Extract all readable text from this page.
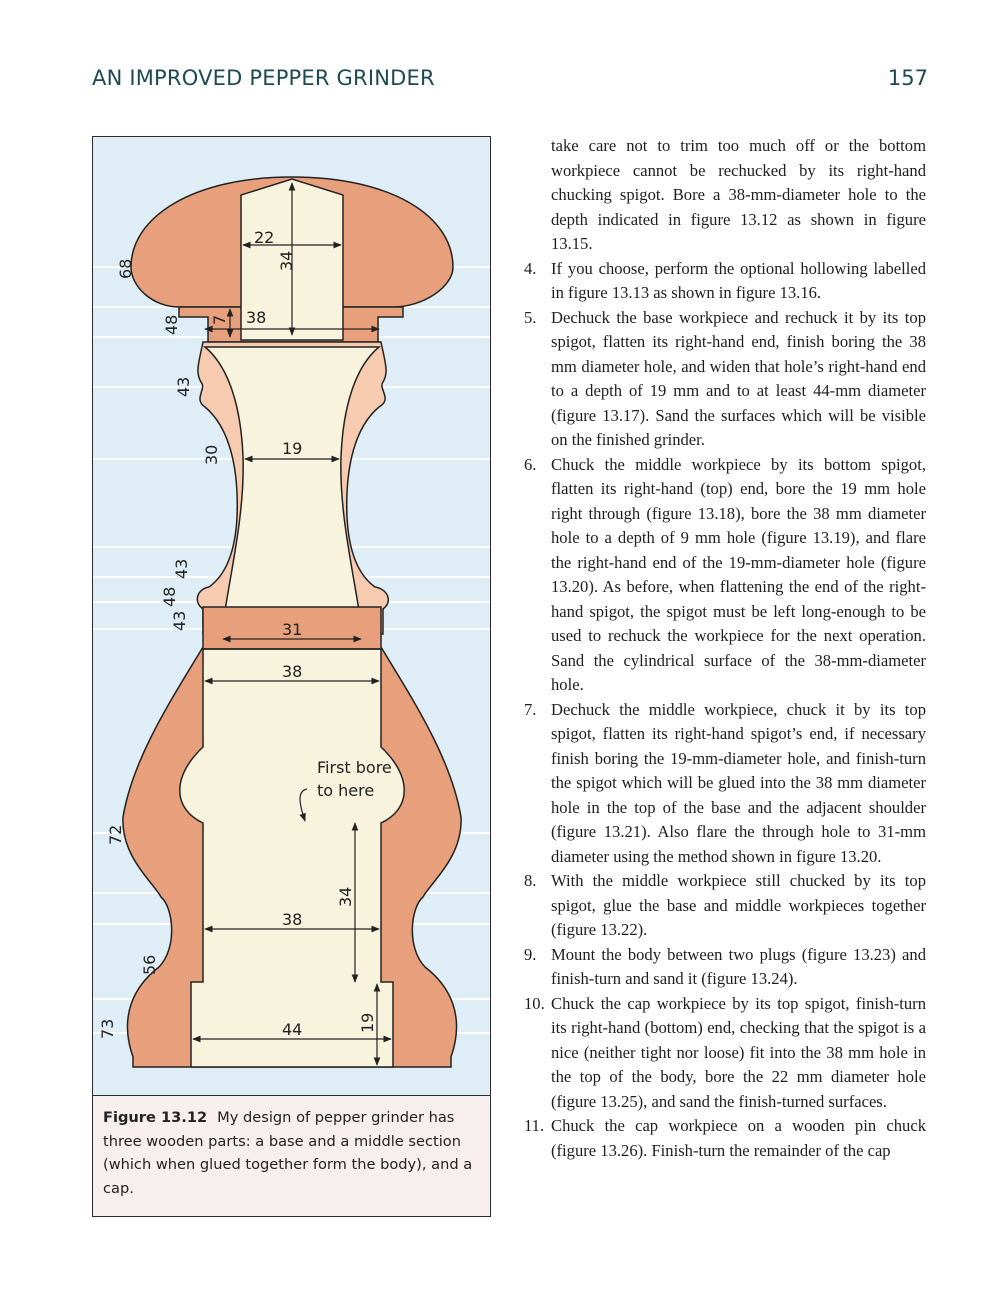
AN IMPROVED PEPPER GRINDER	157
22
34
7 38
19
31
38
38
34
44	19
68
48
43
30
43
48
43
72
56
73
First bore
to here
Figure 13.12 My design of pepper grinder has three wooden parts: a base and a middle section (which when glued together form the body), and a cap.
take care not to trim too much off or the bottom workpiece cannot be rechucked by its right-hand chucking spigot. Bore a 38-mm-diameter hole to the depth indicated in figure 13.12 as shown in figure 13.15.
4. If you choose, perform the optional hollowing labelled in figure 13.13 as shown in figure 13.16.
5. Dechuck the base workpiece and rechuck it by its top spigot, flatten its right-hand end, finish boring the 38 mm diameter hole, and widen that hole’s right-hand end to a depth of 19 mm and to at least 44-mm diameter (figure 13.17). Sand the surfaces which will be visible on the finished grinder.
6. Chuck the middle workpiece by its bottom spigot, flatten its right-hand (top) end, bore the 19 mm hole right through (figure 13.18), bore the 38 mm diameter hole to a depth of 9 mm hole (figure 13.19), and flare the right-hand end of the 19-mm-diameter hole (figure 13.20). As before, when flattening the end of the right-hand spigot, the spigot must be left long-enough to be used to rechuck the workpiece for the next operation. Sand the cylindrical surface of the 38-mm-diameter hole.
7. Dechuck the middle workpiece, chuck it by its top spigot, flatten its right-hand spigot’s end, if necessary finish boring the 19-mm-diameter hole, and finish-turn the spigot which will be glued into the 38 mm diameter hole in the top of the base and the adjacent shoulder (figure 13.21). Also flare the through hole to 31-mm diameter using the method shown in figure 13.20.
8. With the middle workpiece still chucked by its top spigot, glue the base and middle workpieces together (figure 13.22).
9. Mount the body between two plugs (figure 13.23) and finish-turn and sand it (figure 13.24).
10. Chuck the cap workpiece by its top spigot, finish-turn its right-hand (bottom) end, checking that the spigot is a nice (neither tight nor loose) fit into the 38 mm hole in the top of the body, bore the 22 mm diameter hole (figure 13.25), and sand the finish-turned surfaces.
11. Chuck the cap workpiece on a wooden pin chuck (figure 13.26). Finish-turn the remainder of the cap
